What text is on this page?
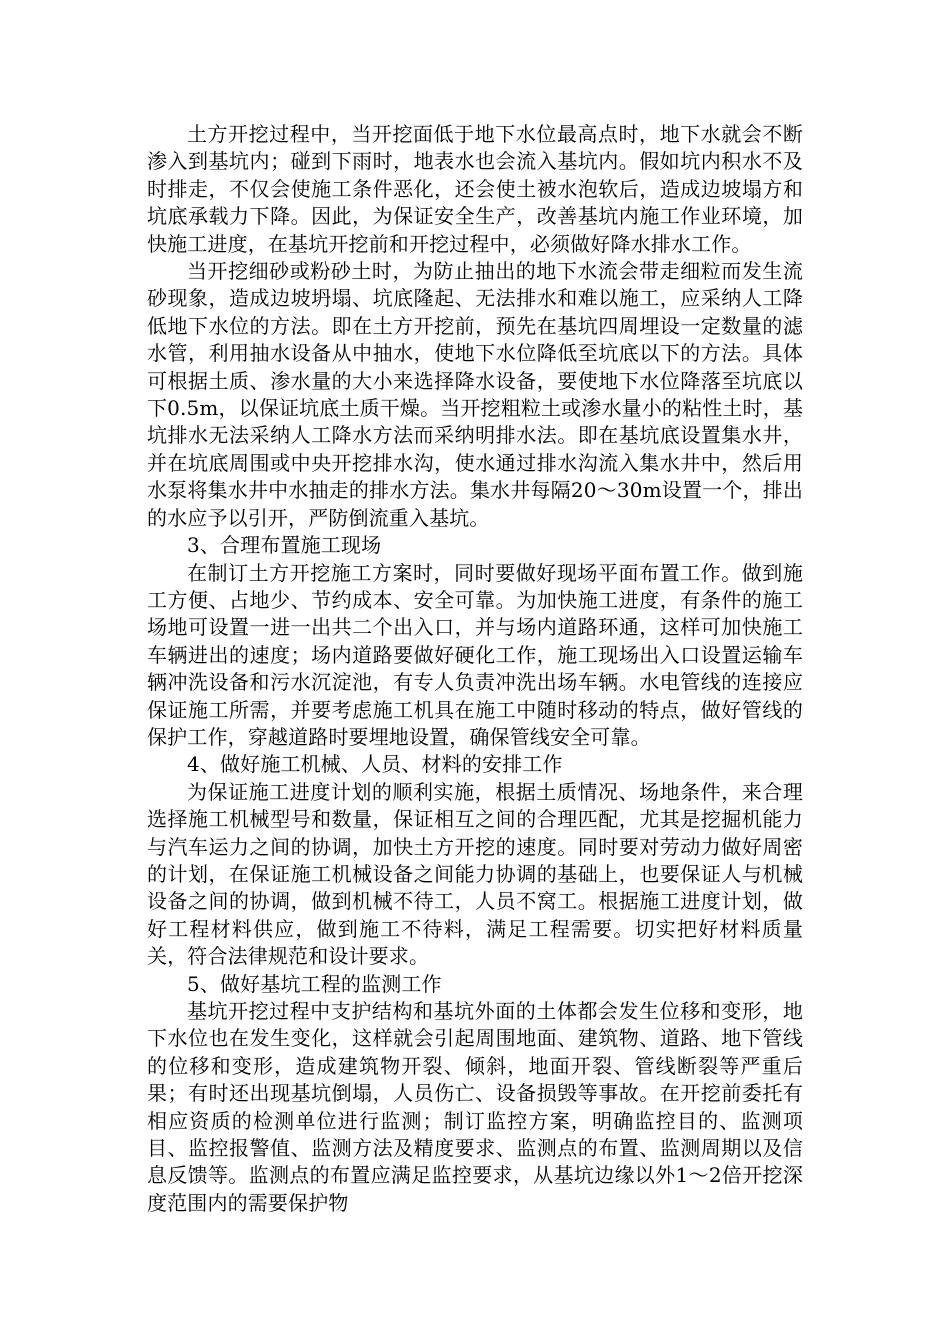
土方开挖过程中，当开挖面低于地下水位最高点时，地下水就会不断渗入到基坑内；碰到下雨时，地表水也会流入基坑内。假如坑内积水不及时排走，不仅会使施工条件恶化，还会使土被水泡软后，造成边坡塌方和坑底承载力下降。因此，为保证安全生产，改善基坑内施工作业环境，加快施工进度，在基坑开挖前和开挖过程中，必须做好降水排水工作。

当开挖细砂或粉砂土时，为防止抽出的地下水流会带走细粒而发生流砂现象，造成边坡坍塌、坑底隆起、无法排水和难以施工，应采纳人工降低地下水位的方法。即在土方开挖前，预先在基坑四周埋设一定数量的滤水管，利用抽水设备从中抽水，使地下水位降低至坑底以下的方法。具体可根据土质、渗水量的大小来选择降水设备，要使地下水位降落至坑底以下0.5m，以保证坑底土质干燥。当开挖粗粒土或渗水量小的粘性土时，基坑排水无法采纳人工降水方法而采纳明排水法。即在基坑底设置集水井，并在坑底周围或中央开挖排水沟，使水通过排水沟流入集水井中，然后用水泵将集水井中水抽走的排水方法。集水井每隔20～30m设置一个，排出的水应予以引开，严防倒流重入基坑。

3、合理布置施工现场

在制订土方开挖施工方案时，同时要做好现场平面布置工作。做到施工方便、占地少、节约成本、安全可靠。为加快施工进度，有条件的施工场地可设置一进一出共二个出入口，并与场内道路环通，这样可加快施工车辆进出的速度；场内道路要做好硬化工作，施工现场出入口设置运输车辆冲洗设备和污水沉淀池，有专人负责冲洗出场车辆。水电管线的连接应保证施工所需，并要考虑施工机具在施工中随时移动的特点，做好管线的保护工作，穿越道路时要埋地设置，确保管线安全可靠。

4、做好施工机械、人员、材料的安排工作

为保证施工进度计划的顺利实施，根据土质情况、场地条件，来合理选择施工机械型号和数量，保证相互之间的合理匹配，尤其是挖掘机能力与汽车运力之间的协调，加快土方开挖的速度。同时要对劳动力做好周密的计划，在保证施工机械设备之间能力协调的基础上，也要保证人与机械设备之间的协调，做到机械不待工，人员不窝工。根据施工进度计划，做好工程材料供应，做到施工不待料，满足工程需要。切实把好材料质量关，符合法律规范和设计要求。

5、做好基坑工程的监测工作

基坑开挖过程中支护结构和基坑外面的土体都会发生位移和变形，地下水位也在发生变化，这样就会引起周围地面、建筑物、道路、地下管线的位移和变形，造成建筑物开裂、倾斜，地面开裂、管线断裂等严重后果；有时还出现基坑倒塌，人员伤亡、设备损毁等事故。在开挖前委托有相应资质的检测单位进行监测；制订监控方案，明确监控目的、监测项目、监控报警值、监测方法及精度要求、监测点的布置、监测周期以及信息反馈等。监测点的布置应满足监控要求，从基坑边缘以外1～2倍开挖深度范围内的需要保护物
